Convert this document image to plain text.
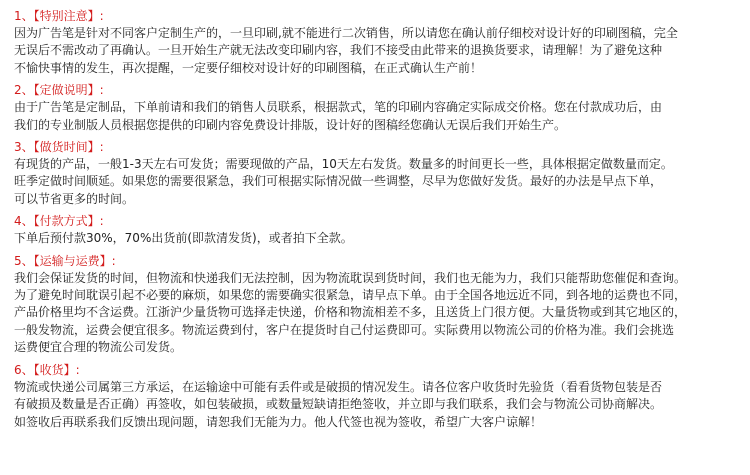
1、【特别注意】:
因为广告笔是针对不同客户定制生产的，一旦印刷,就不能进行二次销售，所以请您在确认前仔细校对设计好的印刷图稿，完全
无误后不需改动了再确认。一旦开始生产就无法改变印刷内容，我们不接受由此带来的退换货要求，请理解！为了避免这种
不愉快事情的发生，再次提醒，一定要仔细校对设计好的印刷图稿，在正式确认生产前！
2、【定做说明】:
由于广告笔是定制品，下单前请和我们的销售人员联系，根据款式，笔的印刷内容确定实际成交价格。您在付款成功后，由
我们的专业制版人员根据您提供的印刷内容免费设计排版，设计好的图稿经您确认无误后我们开始生产。
3、【做货时间】:
有现货的产品，一般1-3天左右可发货；需要现做的产品，10天左右发货。数量多的时间更长一些，具体根据定做数量而定。
旺季定做时间顺延。如果您的需要很紧急，我们可根据实际情况做一些调整，尽早为您做好发货。最好的办法是早点下单，
可以节省更多的时间。
4、【付款方式】:
下单后预付款30%，70%出货前(即款清发货)，或者拍下全款。
5、【运输与运费】:
我们会保证发货的时间，但物流和快递我们无法控制，因为物流耽误到货时间，我们也无能为力，我们只能帮助您催促和查询。
为了避免时间耽误引起不必要的麻烦，如果您的需要确实很紧急，请早点下单。由于全国各地远近不同，到各地的运费也不同，
产品价格里均不含运费。江浙沪少量货物可选择走快递，价格和物流相差不多，且送货上门很方便。大量货物或到其它地区的，
一般发物流，运费会便宜很多。物流运费到付，客户在提货时自己付运费即可。实际费用以物流公司的价格为准。我们会挑选
运费便宜合理的物流公司发货。
6、【收货】:
物流或快递公司属第三方承运，在运输途中可能有丢件或是破损的情况发生。请各位客户收货时先验货（看看货物包装是否
有破损及数量是否正确）再签收，如包装破损，或数量短缺请拒绝签收，并立即与我们联系，我们会与物流公司协商解决。
如签收后再联系我们反馈出现问题，请恕我们无能为力。他人代签也视为签收，希望广大客户谅解！
